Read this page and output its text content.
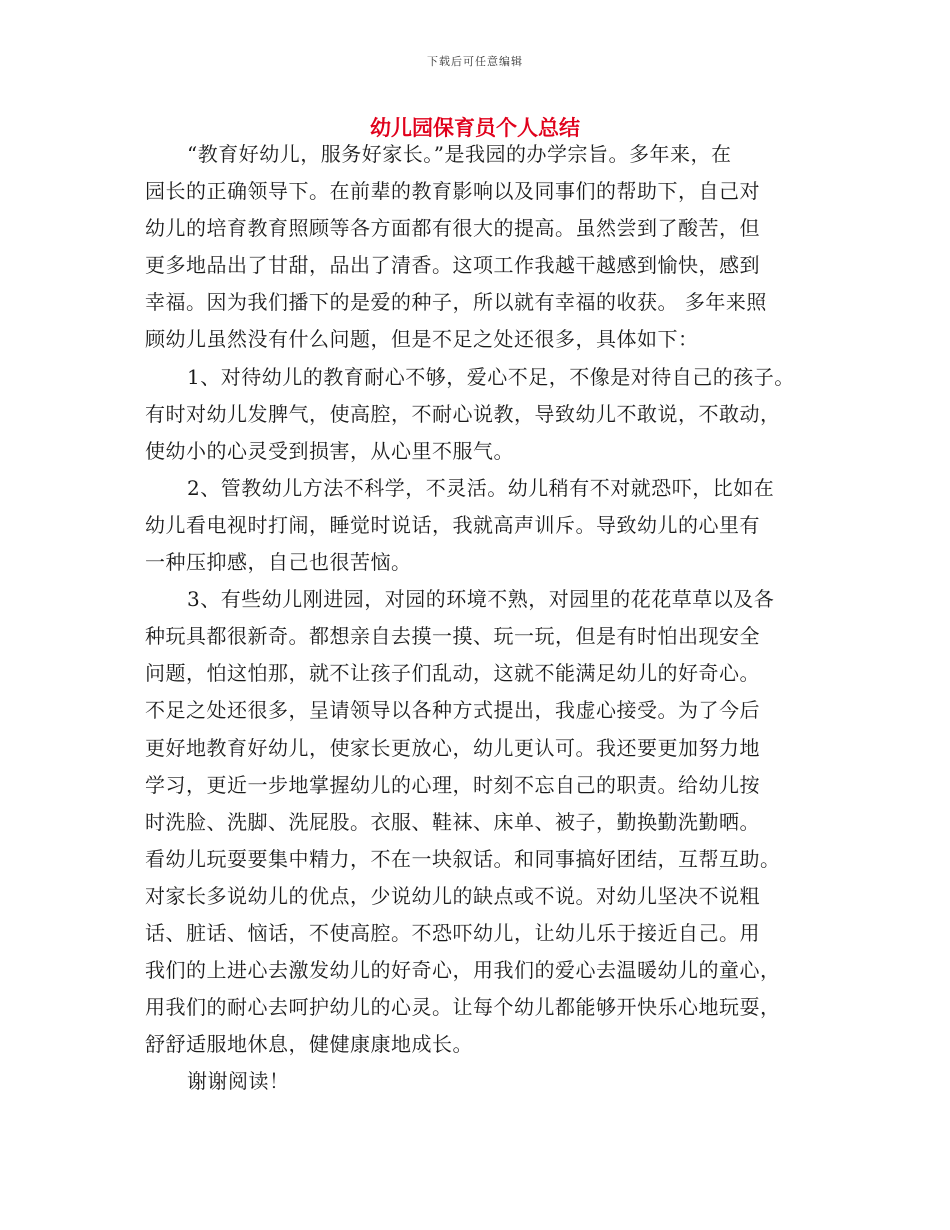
下载后可任意编辑
幼儿园保育员个人总结
“教育好幼儿，服务好家长。”是我园的办学宗旨。多年来，在
园长的正确领导下。在前辈的教育影响以及同事们的帮助下，自己对
幼儿的培育教育照顾等各方面都有很大的提高。虽然尝到了酸苦，但
更多地品出了甘甜，品出了清香。这项工作我越干越感到愉快，感到
幸福。因为我们播下的是爱的种子，所以就有幸福的收获。 多年来照
顾幼儿虽然没有什么问题，但是不足之处还很多，具体如下：
1、对待幼儿的教育耐心不够，爱心不足，不像是对待自己的孩子。
有时对幼儿发脾气，使高腔，不耐心说教，导致幼儿不敢说，不敢动，
使幼小的心灵受到损害，从心里不服气。
2、管教幼儿方法不科学，不灵活。幼儿稍有不对就恐吓，比如在
幼儿看电视时打闹，睡觉时说话，我就高声训斥。导致幼儿的心里有
一种压抑感，自己也很苦恼。
3、有些幼儿刚进园，对园的环境不熟，对园里的花花草草以及各
种玩具都很新奇。都想亲自去摸一摸、玩一玩，但是有时怕出现安全
问题，怕这怕那，就不让孩子们乱动，这就不能满足幼儿的好奇心。
不足之处还很多，呈请领导以各种方式提出，我虚心接受。为了今后
更好地教育好幼儿，使家长更放心，幼儿更认可。我还要更加努力地
学习，更近一步地掌握幼儿的心理，时刻不忘自己的职责。给幼儿按
时洗脸、洗脚、洗屁股。衣服、鞋袜、床单、被子，勤换勤洗勤晒。
看幼儿玩耍要集中精力，不在一块叙话。和同事搞好团结，互帮互助。
对家长多说幼儿的优点，少说幼儿的缺点或不说。对幼儿坚决不说粗
话、脏话、恼话，不使高腔。不恐吓幼儿，让幼儿乐于接近自己。用
我们的上进心去激发幼儿的好奇心，用我们的爱心去温暖幼儿的童心，
用我们的耐心去呵护幼儿的心灵。让每个幼儿都能够开快乐心地玩耍，
舒舒适服地休息，健健康康地成长。
谢谢阅读！
